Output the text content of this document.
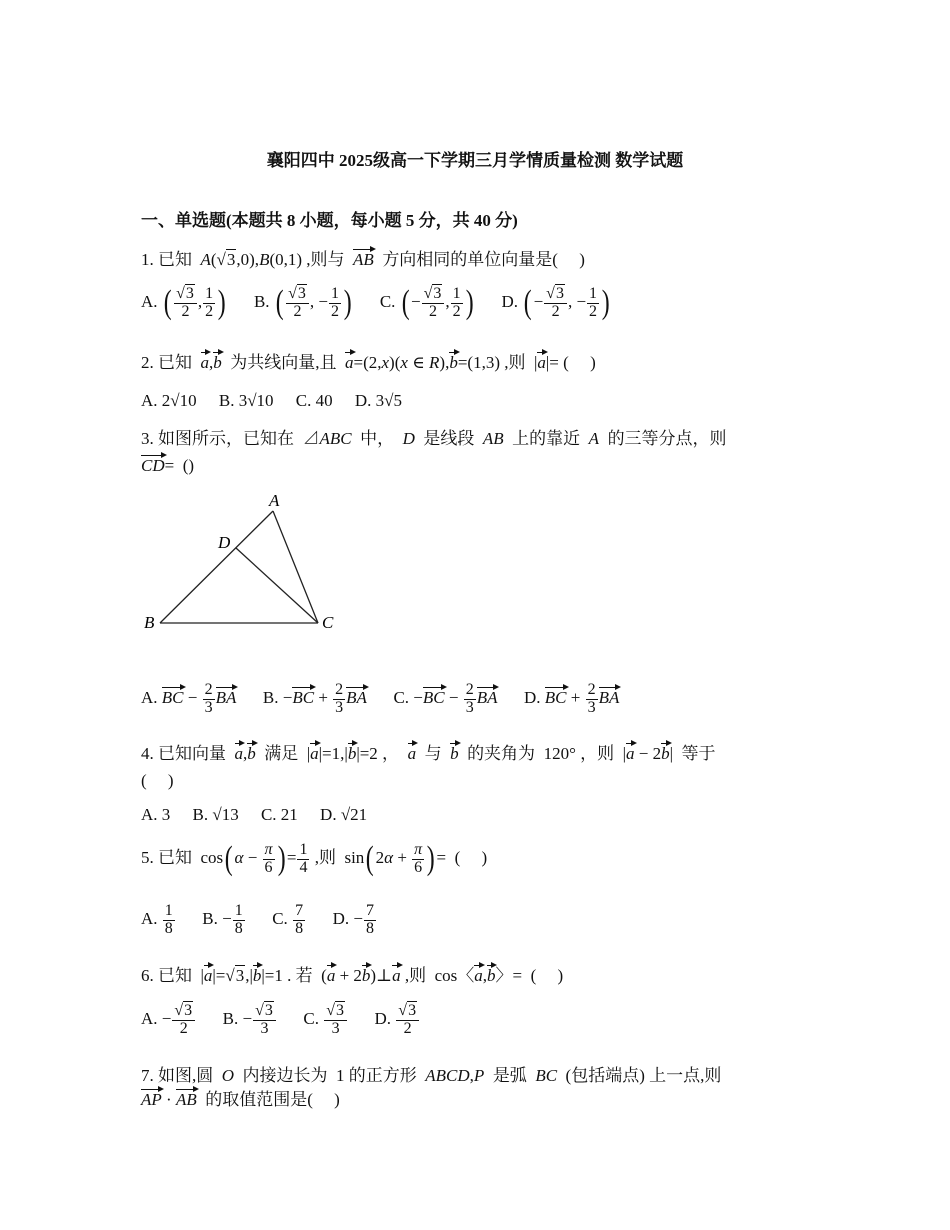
襄阳四中 2025级高一下学期三月学情质量检测 数学试题
一、单选题(本题共 8 小题，每小题 5 分，共 40 分)
1. 已知 A(√3,0),B(0,1) ,则与 AB 方向相同的单位向量是(　 )
A. ( $\frac{√3}{2}$ , $\frac{1}{2}$ ) B. ( $\frac{√3}{2}$ , − $\frac{1}{2}$ ) C. (− $\frac{√3}{2}$ , $\frac{1}{2}$ ) D. (− $\frac{√3}{2}$ , − $\frac{1}{2}$ )
2. 已知 a,b 为共线向量,且 a=(2,x)(x ∈ R),b=(1,3) ,则  |a|= (　 )
A. 2√10 B. 3√10 C. 40 D. 3√5
3. 如图所示，已知在  ⊿ABC 中， D 是线段 AB 上的靠近 A 的三等分点，则
CD=  ()
A
B	C
D
A. BC − $\frac{2}{3}$ BA B. $-BC + \frac{2}{3}$ BA C. $-BC - \frac{2}{3}$ BA D. BC + $\frac{2}{3}$ BA
4. 已知向量 a,b 满足  |a|=1,|b|=2 ，  a 与 b 的夹角为 120° ，则  |a − 2b|  等于
(　 )
A. 3 B. √13 C. 21 D. √21
5. 已知  $\cos(\alpha - \frac{\pi}{6}$ )= $\frac{1}{4}$ ,则  $\sin(2\alpha + \frac{\pi}{6}$ )=  (　 )
A. $\frac{1}{8} B$. − $\frac{1}{8} C$. $\frac{7}{8} D$. − $\frac{7}{8}$
6. 已知  |a|=√3,|b|=1 . 若  (a + 2b)⊥a ,则  cos〈a,b〉=  (　 )
A. − $\frac{√3}{2} B$. − $\frac{√3}{3} C$. $\frac{√3}{3} D$. $\frac{√3}{2}$
7. 如图,圆 O 内接边长为 1 的正方形 ABCD,P 是弧 BC (包括端点) 上一点,则
AP · AB 的取值范围是(　 )
